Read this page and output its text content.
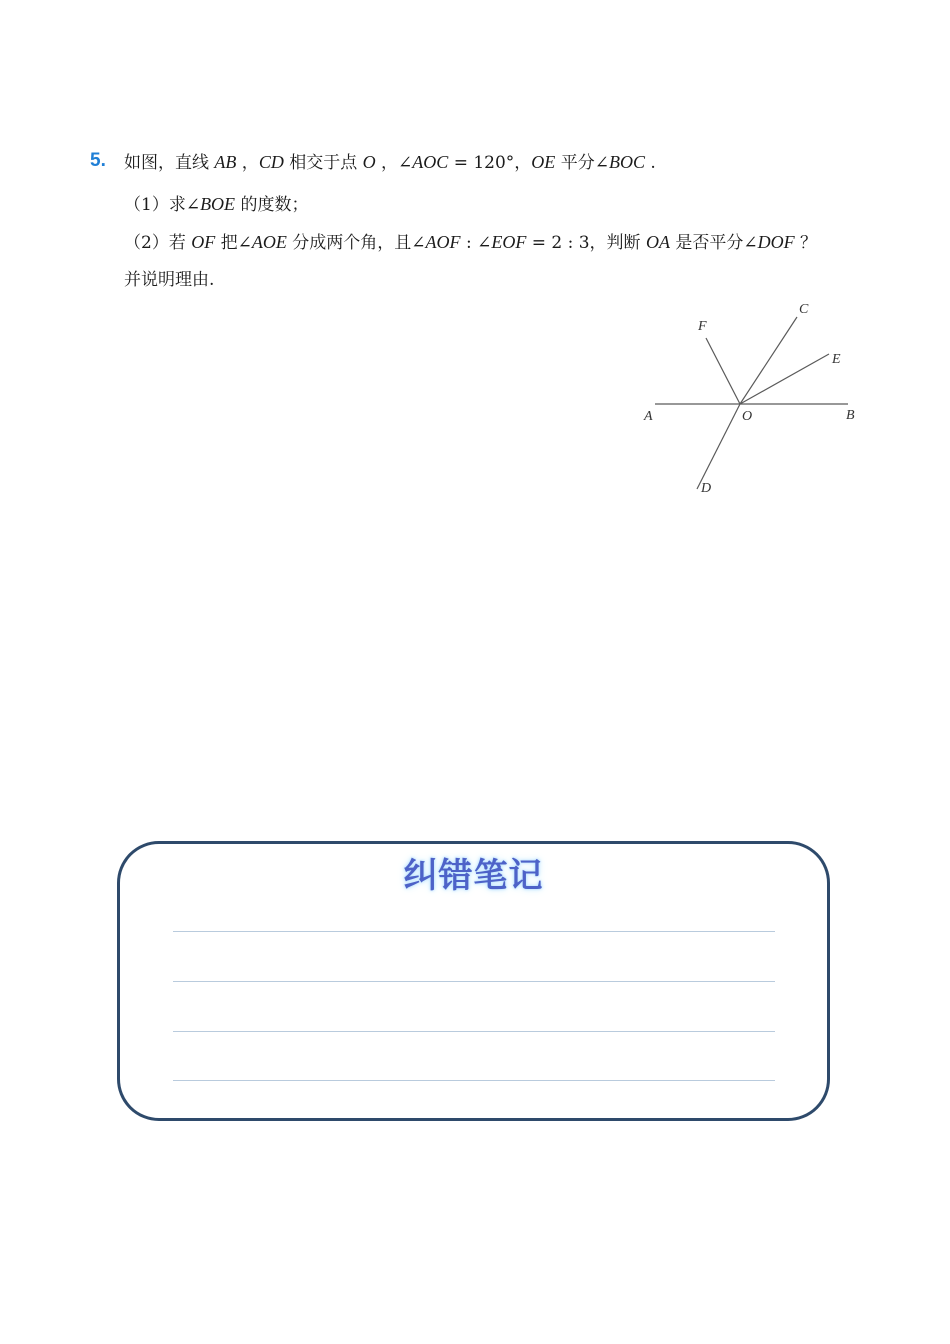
5. 如图，直线 AB ，CD 相交于点 O ，∠AOC = 120°，OE 平分∠BOC .
（1）求∠BOE 的度数；
（2）若 OF 把∠AOE 分成两个角，且∠AOF : ∠EOF = 2 : 3，判断 OA 是否平分∠DOF ？
并说明理由.
A	O	B
C
D
E
F
纠错笔记
